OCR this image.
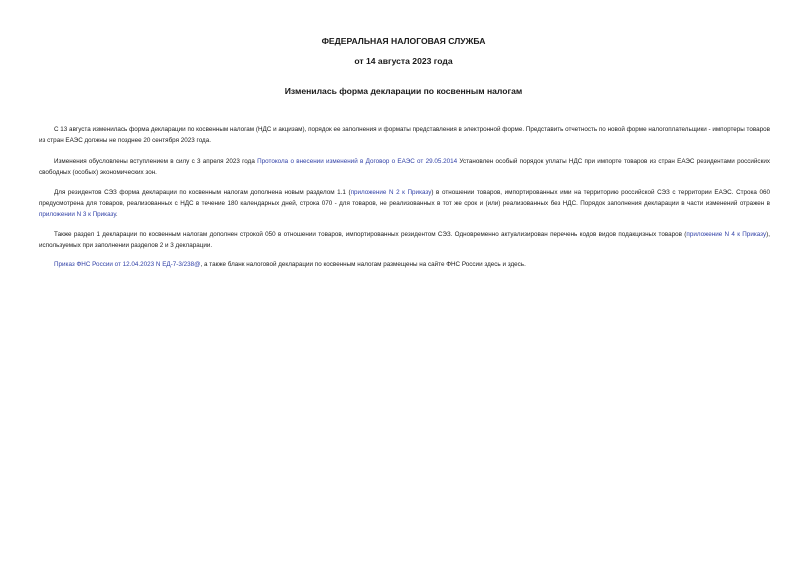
ФЕДЕРАЛЬНАЯ НАЛОГОВАЯ СЛУЖБА
от 14 августа 2023 года
Изменилась форма декларации по косвенным налогам

С 13 августа изменилась форма декларации по косвенным налогам (НДС и акцизам), порядок ее заполнения и форматы представления в электронной форме. Представить отчетность по новой форме налогоплательщики - импортеры товаров из стран ЕАЭС должны не позднее 20 сентября 2023 года.

Изменения обусловлены вступлением в силу с 3 апреля 2023 года Протокола о внесении изменений в Договор о ЕАЭС от 29.05.2014 Установлен особый порядок уплаты НДС при импорте товаров из стран ЕАЭС резидентами российских свободных (особых) экономических зон.

Для резидентов СЭЗ форма декларации по косвенным налогам дополнена новым разделом 1.1 (приложение N 2 к Приказу) в отношении товаров, импортированных ими на территорию российской СЭЗ с территории ЕАЭС. Строка 060 предусмотрена для товаров, реализованных с НДС в течение 180 календарных дней, строка 070 - для товаров, не реализованных в тот же срок и (или) реализованных без НДС. Порядок заполнения декларации в части изменений отражен в приложении N 3 к Приказу.

Также раздел 1 декларации по косвенным налогам дополнен строкой 050 в отношении товаров, импортированных резидентом СЭЗ. Одновременно актуализирован перечень кодов видов подакцизных товаров (приложение N 4 к Приказу), используемых при заполнении разделов 2 и 3 декларации.

Приказ ФНС России от 12.04.2023 N ЕД-7-3/238@, а также бланк налоговой декларации по косвенным налогам размещены на сайте ФНС России здесь и здесь.
